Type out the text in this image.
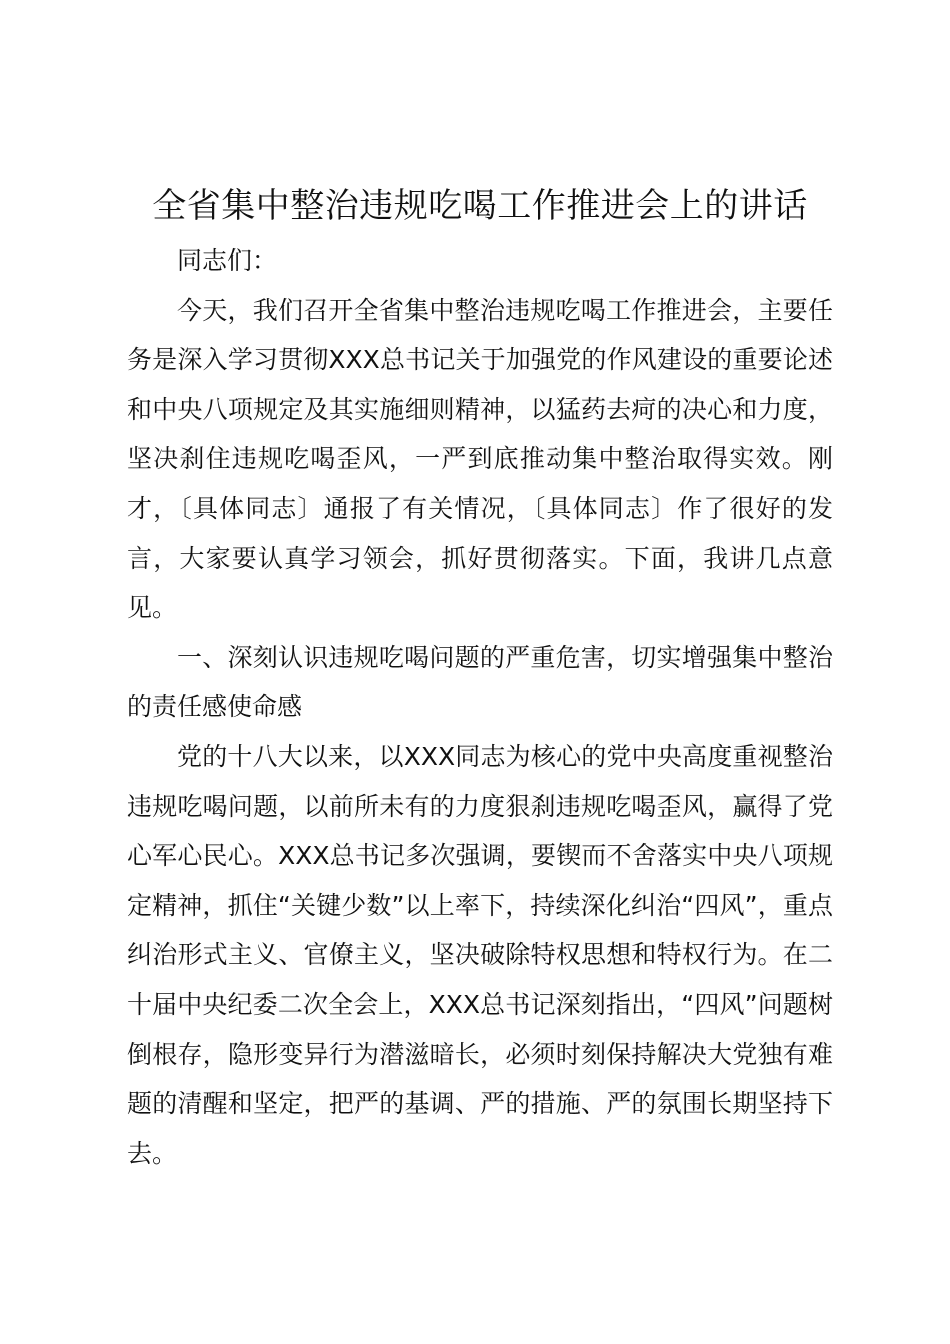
全省集中整治违规吃喝工作推进会上的讲话

同志们：

今天，我们召开全省集中整治违规吃喝工作推进会，主要任务是深入学习贯彻XXX总书记关于加强党的作风建设的重要论述和中央八项规定及其实施细则精神，以猛药去疴的决心和力度，坚决刹住违规吃喝歪风，一严到底推动集中整治取得实效。刚才，〔具体同志〕通报了有关情况，〔具体同志〕作了很好的发言，大家要认真学习领会，抓好贯彻落实。下面，我讲几点意见。

一、深刻认识违规吃喝问题的严重危害，切实增强集中整治的责任感使命感

党的十八大以来，以XXX同志为核心的党中央高度重视整治违规吃喝问题，以前所未有的力度狠刹违规吃喝歪风，赢得了党心军心民心。XXX总书记多次强调，要锲而不舍落实中央八项规定精神，抓住“关键少数”以上率下，持续深化纠治“四风”，重点纠治形式主义、官僚主义，坚决破除特权思想和特权行为。在二十届中央纪委二次全会上，XXX总书记深刻指出，“四风”问题树倒根存，隐形变异行为潜滋暗长，必须时刻保持解决大党独有难题的清醒和坚定，把严的基调、严的措施、严的氛围长期坚持下去。
